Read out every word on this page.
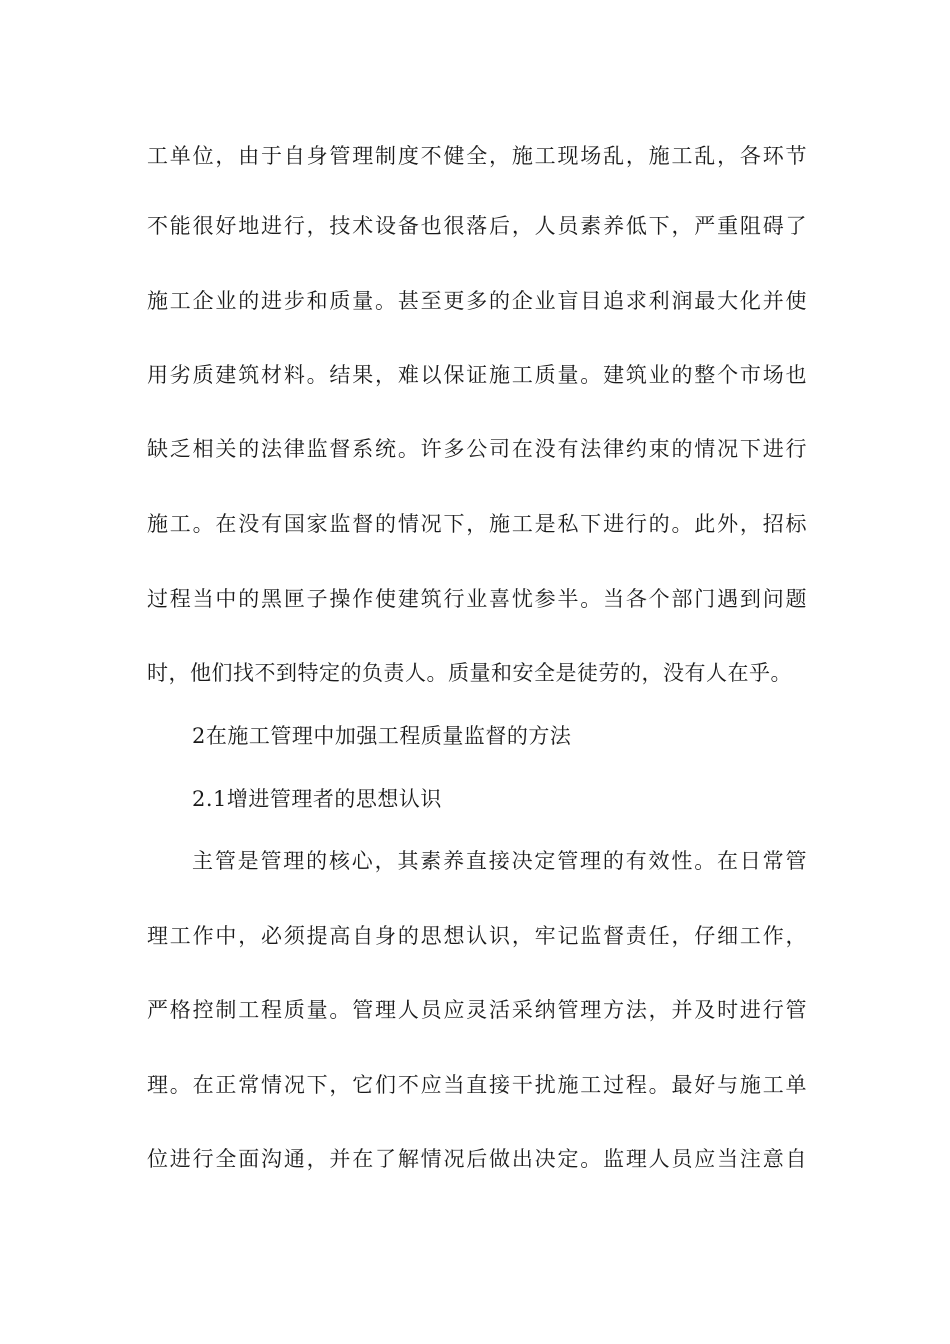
工单位，由于自身管理制度不健全，施工现场乱，施工乱，各环节
不能很好地进行，技术设备也很落后，人员素养低下，严重阻碍了
施工企业的进步和质量。甚至更多的企业盲目追求利润最大化并使
用劣质建筑材料。结果，难以保证施工质量。建筑业的整个市场也
缺乏相关的法律监督系统。许多公司在没有法律约束的情况下进行
施工。在没有国家监督的情况下，施工是私下进行的。此外，招标
过程当中的黑匣子操作使建筑行业喜忧参半。当各个部门遇到问题
时，他们找不到特定的负责人。质量和安全是徒劳的，没有人在乎。
2在施工管理中加强工程质量监督的方法
2.1增进管理者的思想认识
主管是管理的核心，其素养直接决定管理的有效性。在日常管
理工作中，必须提高自身的思想认识，牢记监督责任，仔细工作，
严格控制工程质量。管理人员应灵活采纳管理方法，并及时进行管
理。在正常情况下，它们不应当直接干扰施工过程。最好与施工单
位进行全面沟通，并在了解情况后做出决定。监理人员应当注意自
